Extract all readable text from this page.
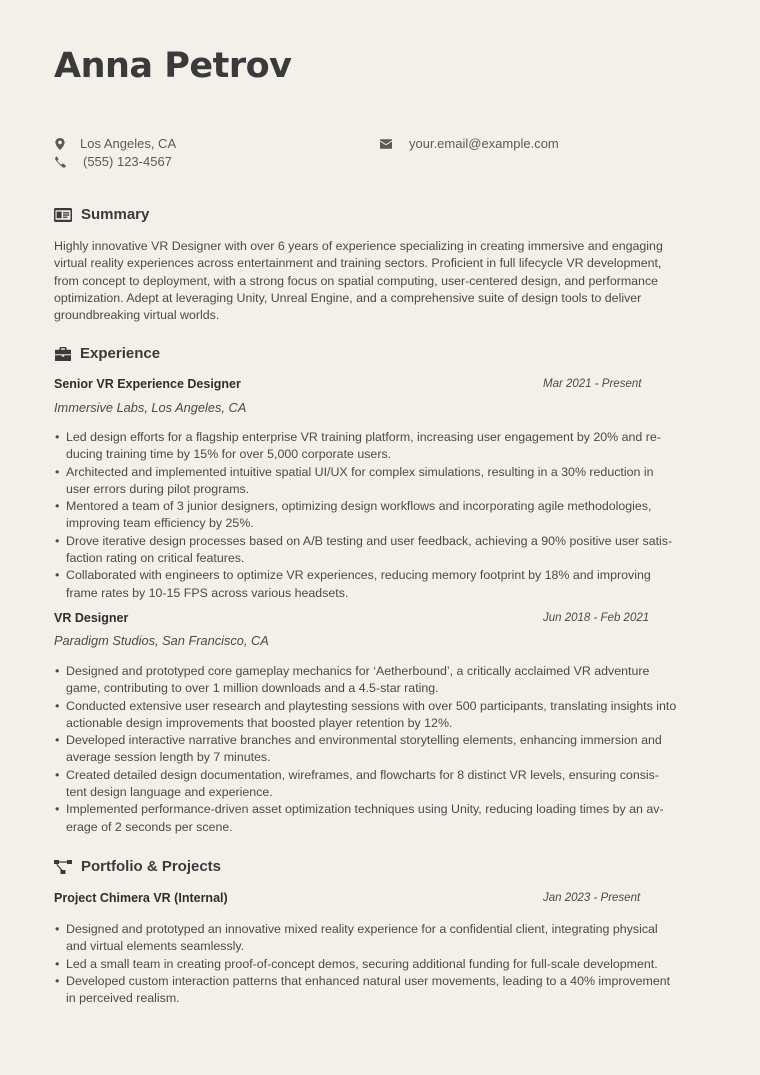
Anna Petrov
Los Angeles, CA
(555) 123-4567
your.email@example.com
Summary
Highly innovative VR Designer with over 6 years of experience specializing in creating immersive and engaging
virtual reality experiences across entertainment and training sectors. Proficient in full lifecycle VR development,
from concept to deployment, with a strong focus on spatial computing, user-centered design, and performance
optimization. Adept at leveraging Unity, Unreal Engine, and a comprehensive suite of design tools to deliver
groundbreaking virtual worlds.
Experience
Senior VR Experience Designer	Mar 2021 - Present
Immersive Labs, Los Angeles, CA
• Led design efforts for a flagship enterprise VR training platform, increasing user engagement by 20% and re-
ducing training time by 15% for over 5,000 corporate users.
• Architected and implemented intuitive spatial UI/UX for complex simulations, resulting in a 30% reduction in
user errors during pilot programs.
• Mentored a team of 3 junior designers, optimizing design workflows and incorporating agile methodologies,
improving team efficiency by 25%.
• Drove iterative design processes based on A/B testing and user feedback, achieving a 90% positive user satis-
faction rating on critical features.
• Collaborated with engineers to optimize VR experiences, reducing memory footprint by 18% and improving
frame rates by 10-15 FPS across various headsets.
VR Designer	Jun 2018 - Feb 2021
Paradigm Studios, San Francisco, CA
• Designed and prototyped core gameplay mechanics for ‘Aetherbound’, a critically acclaimed VR adventure
game, contributing to over 1 million downloads and a 4.5-star rating.
• Conducted extensive user research and playtesting sessions with over 500 participants, translating insights into
actionable design improvements that boosted player retention by 12%.
• Developed interactive narrative branches and environmental storytelling elements, enhancing immersion and
average session length by 7 minutes.
• Created detailed design documentation, wireframes, and flowcharts for 8 distinct VR levels, ensuring consis-
tent design language and experience.
• Implemented performance-driven asset optimization techniques using Unity, reducing loading times by an av-
erage of 2 seconds per scene.
Portfolio & Projects
Project Chimera VR (Internal)	Jan 2023 - Present
• Designed and prototyped an innovative mixed reality experience for a confidential client, integrating physical
and virtual elements seamlessly.
• Led a small team in creating proof-of-concept demos, securing additional funding for full-scale development.
• Developed custom interaction patterns that enhanced natural user movements, leading to a 40% improvement
in perceived realism.
